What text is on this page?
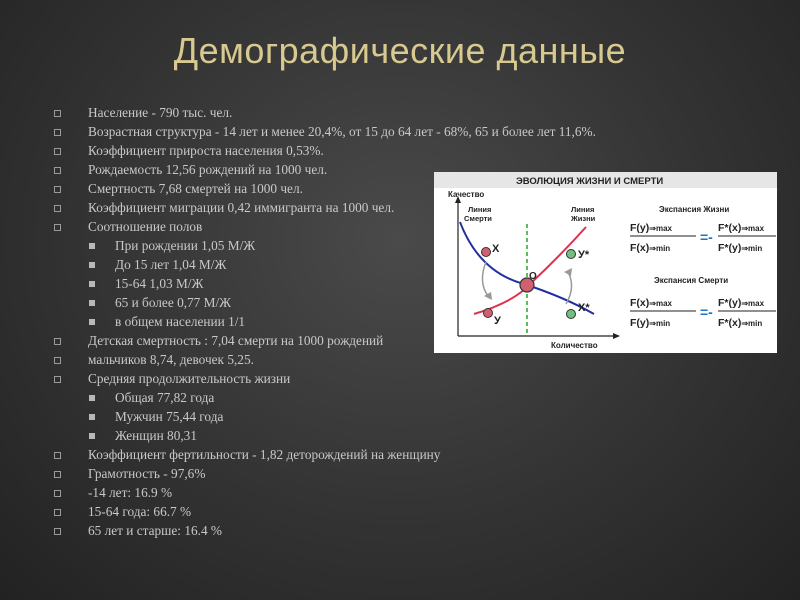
Демографические данные
Население - 790 тыс. чел.
Возрастная структура - 14 лет и менее 20,4%, от 15 до 64 лет - 68%, 65 и более лет 11,6%.
Коэффициент прироста населения 0,53%.
Рождаемость 12,56 рождений на 1000 чел.
Смертность 7,68 смертей на 1000 чел.
Коэффициент миграции 0,42 иммигранта на 1000 чел.
Соотношение полов
При рождении 1,05 М/Ж
До 15 лет 1,04 М/Ж
15-64 1,03 М/Ж
65 и более 0,77 М/Ж
в общем населении 1/1
Детская смертность : 7,04 смерти на 1000 рождений
мальчиков 8,74, девочек 5,25.
Средняя продолжительность жизни
Общая 77,82 года
Мужчин 75,44 года
Женщин 80,31
Коэффициент фертильности - 1,82 деторождений на женщину
Грамотность - 97,6%
-14 лет: 16.9 %
15-64 года: 66.7 %
65 лет и старше: 16.4 %
ЭВОЛЮЦИЯ ЖИЗНИ И СМЕРТИ
Качество
Количество
Линия
Смерти
Линия
Жизни
X
У
О
У*
X*
Экспансия Жизни
F(y)⇒max
F(x)⇒min
=-
F*(x)⇒max
F*(y)⇒min
Экспансия Смерти
F(x)⇒max
F(y)⇒min
=-
F*(y)⇒max
F*(x)⇒min
